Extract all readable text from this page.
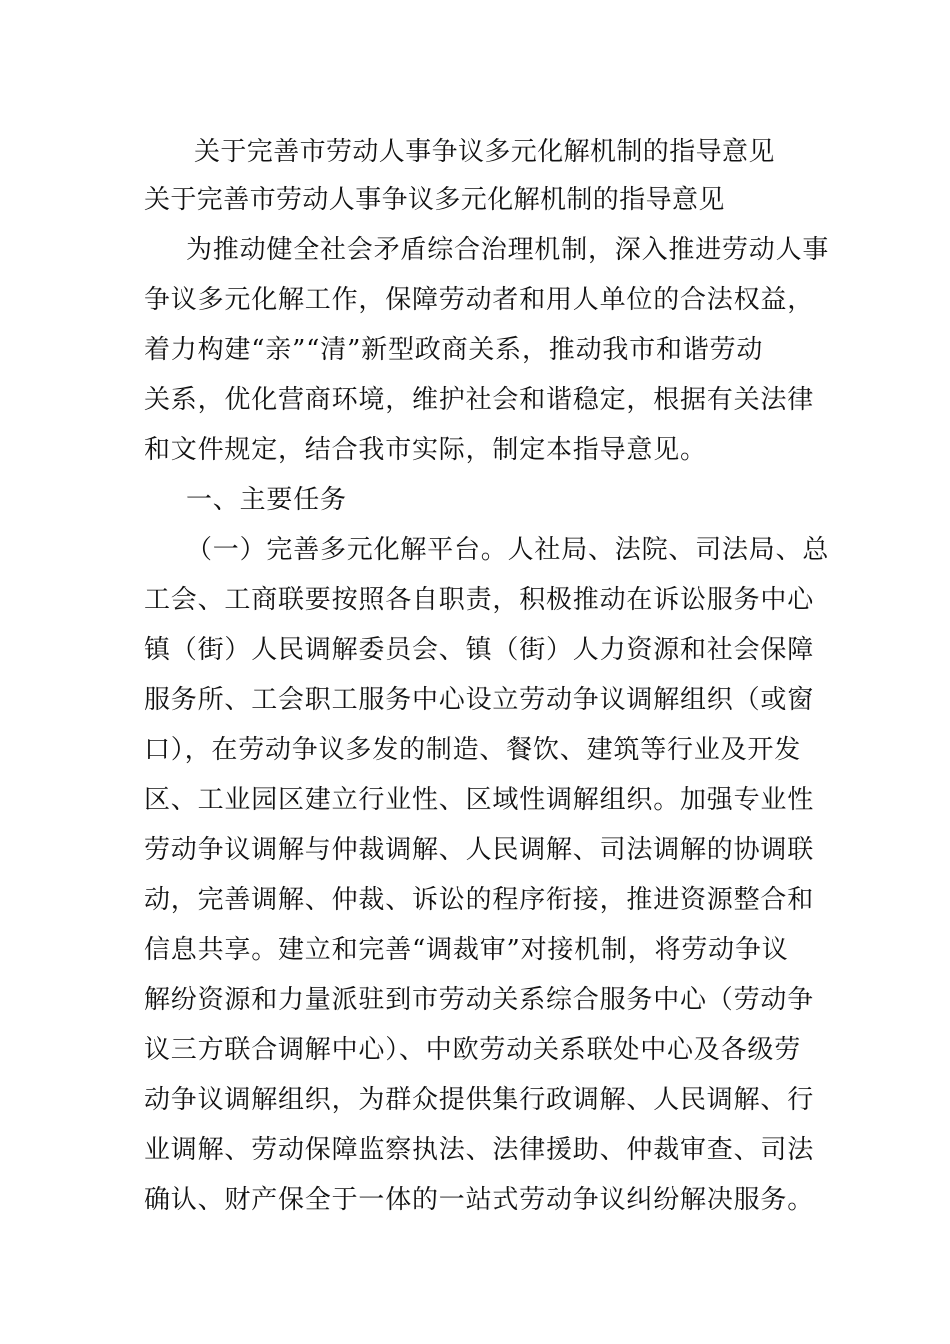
关于完善市劳动人事争议多元化解机制的指导意见
关于完善市劳动人事争议多元化解机制的指导意见
为推动健全社会矛盾综合治理机制，深入推进劳动人事
争议多元化解工作，保障劳动者和用人单位的合法权益，
着力构建“亲”“清”新型政商关系，推动我市和谐劳动
关系，优化营商环境，维护社会和谐稳定，根据有关法律
和文件规定，结合我市实际，制定本指导意见。
一、主要任务
（一）完善多元化解平台。人社局、法院、司法局、总
工会、工商联要按照各自职责，积极推动在诉讼服务中心
镇（街）人民调解委员会、镇（街）人力资源和社会保障
服务所、工会职工服务中心设立劳动争议调解组织（或窗
口），在劳动争议多发的制造、餐饮、建筑等行业及开发
区、工业园区建立行业性、区域性调解组织。加强专业性
劳动争议调解与仲裁调解、人民调解、司法调解的协调联
动，完善调解、仲裁、诉讼的程序衔接，推进资源整合和
信息共享。建立和完善“调裁审”对接机制，将劳动争议
解纷资源和力量派驻到市劳动关系综合服务中心（劳动争
议三方联合调解中心）、中欧劳动关系联处中心及各级劳
动争议调解组织，为群众提供集行政调解、人民调解、行
业调解、劳动保障监察执法、法律援助、仲裁审查、司法
确认、财产保全于一体的一站式劳动争议纠纷解决服务。
